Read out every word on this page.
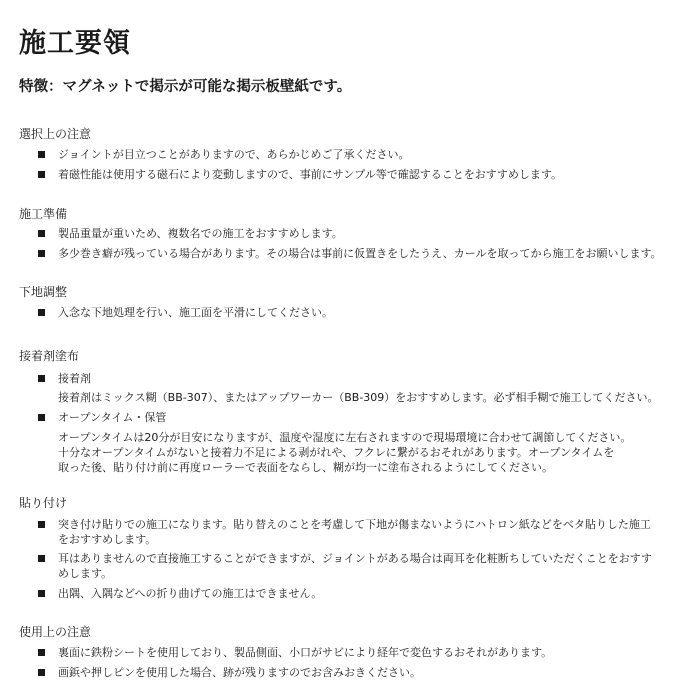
施工要領

特徴：マグネットで掲示が可能な掲示板壁紙です。

選択上の注意

ジョイントが目立つことがありますので、あらかじめご了承ください。

着磁性能は使用する磁石により変動しますので、事前にサンプル等で確認することをおすすめします。

施工準備

製品重量が重いため、複数名での施工をおすすめします。

多少巻き癖が残っている場合があります。その場合は事前に仮置きをしたうえ、カールを取ってから施工をお願いします。

下地調整

入念な下地処理を行い、施工面を平滑にしてください。

接着剤塗布

接着剤

接着剤はミックス糊（BB-307）、またはアップワーカー（BB-309）をおすすめします。必ず相手糊で施工してください。

オープンタイム・保管

オープンタイムは20分が目安になりますが、温度や湿度に左右されますので現場環境に合わせて調節してください。
十分なオープンタイムがないと接着力不足による剥がれや、フクレに繋がるおそれがあります。オープンタイムを
取った後、貼り付け前に再度ローラーで表面をならし、糊が均一に塗布されるようにしてください。

貼り付け

突き付け貼りでの施工になります。貼り替えのことを考慮して下地が傷まないようにハトロン紙などをベタ貼りした施工
をおすすめします。
耳はありませんので直接施工することができますが、ジョイントがある場合は両耳を化粧断ちしていただくことをおすす
めします。
出隅、入隅などへの折り曲げての施工はできません。

使用上の注意

裏面に鉄粉シートを使用しており、製品側面、小口がサビにより経年で変色するおそれがあります。

画鋲や押しピンを使用した場合、跡が残りますのでお含みおきください。
